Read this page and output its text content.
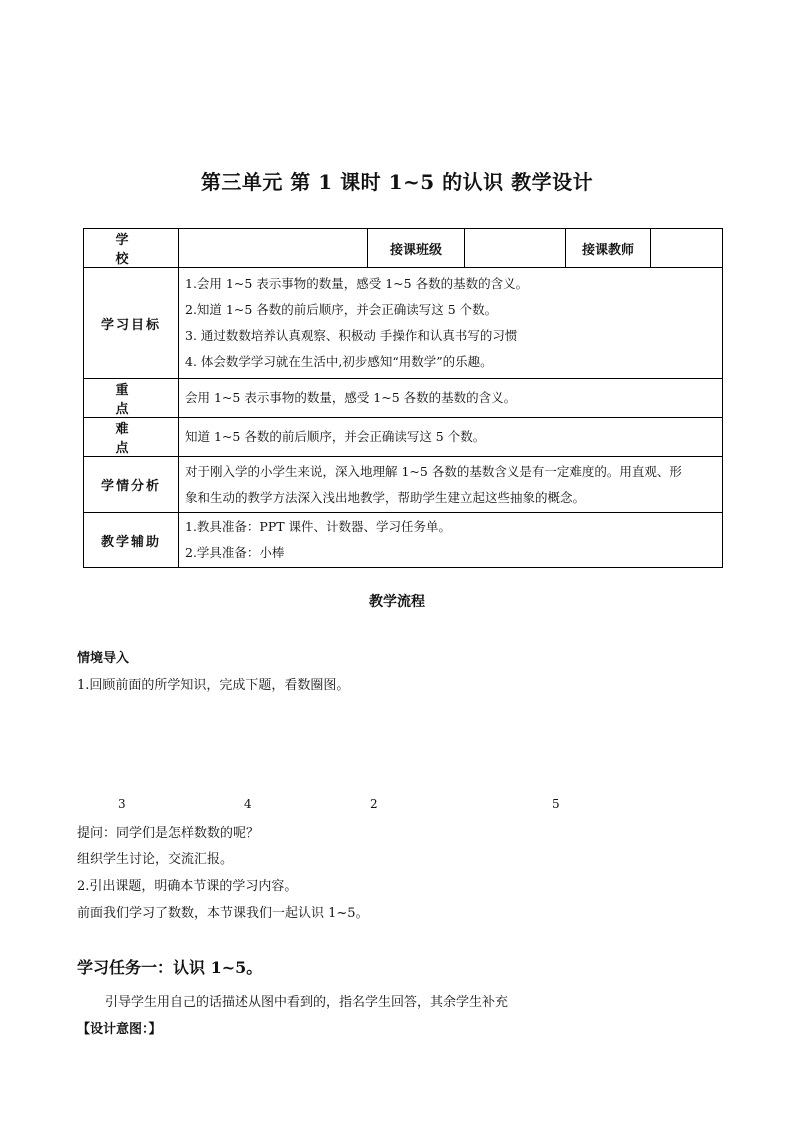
第三单元 第 1 课时 1~5 的认识 教学设计
学 校		接课班级		接课教师	
学习目标	1.会用 1~5 表示事物的数量，感受 1~5 各数的基数的含义。
2.知道 1~5 各数的前后顺序，并会正确读写这 5 个数。
3. 通过数数培养认真观察、积极动 手操作和认真书写的习惯
4. 体会数学学习就在生活中,初步感知“用数学”的乐趣。				

重 点	会用 1~5 表示事物的数量，感受 1~5 各数的基数的含义。				
难 点	知道 1~5 各数的前后顺序，并会正确读写这 5 个数。				
学情分析	对于刚入学的小学生来说，深入地理解 1~5 各数的基数含义是有一定难度的。用直观、形
象和生动的教学方法深入浅出地教学，帮助学生建立起这些抽象的概念。				

教学辅助	1.教具准备：PPT 课件、计数器、学习任务单。
2.学具准备：小棒				
教学流程
情境导入
1.回顾前面的所学知识，完成下题，看数圈图。
3	4	2	5
提问：同学们是怎样数数的呢？
组织学生讨论，交流汇报。
2.引出课题，明确本节课的学习内容。
前面我们学习了数数，本节课我们一起认识 1~5。
学习任务一：认识 1~5。
引导学生用自己的话描述从图中看到的，指名学生回答，其余学生补充
【设计意图：】
